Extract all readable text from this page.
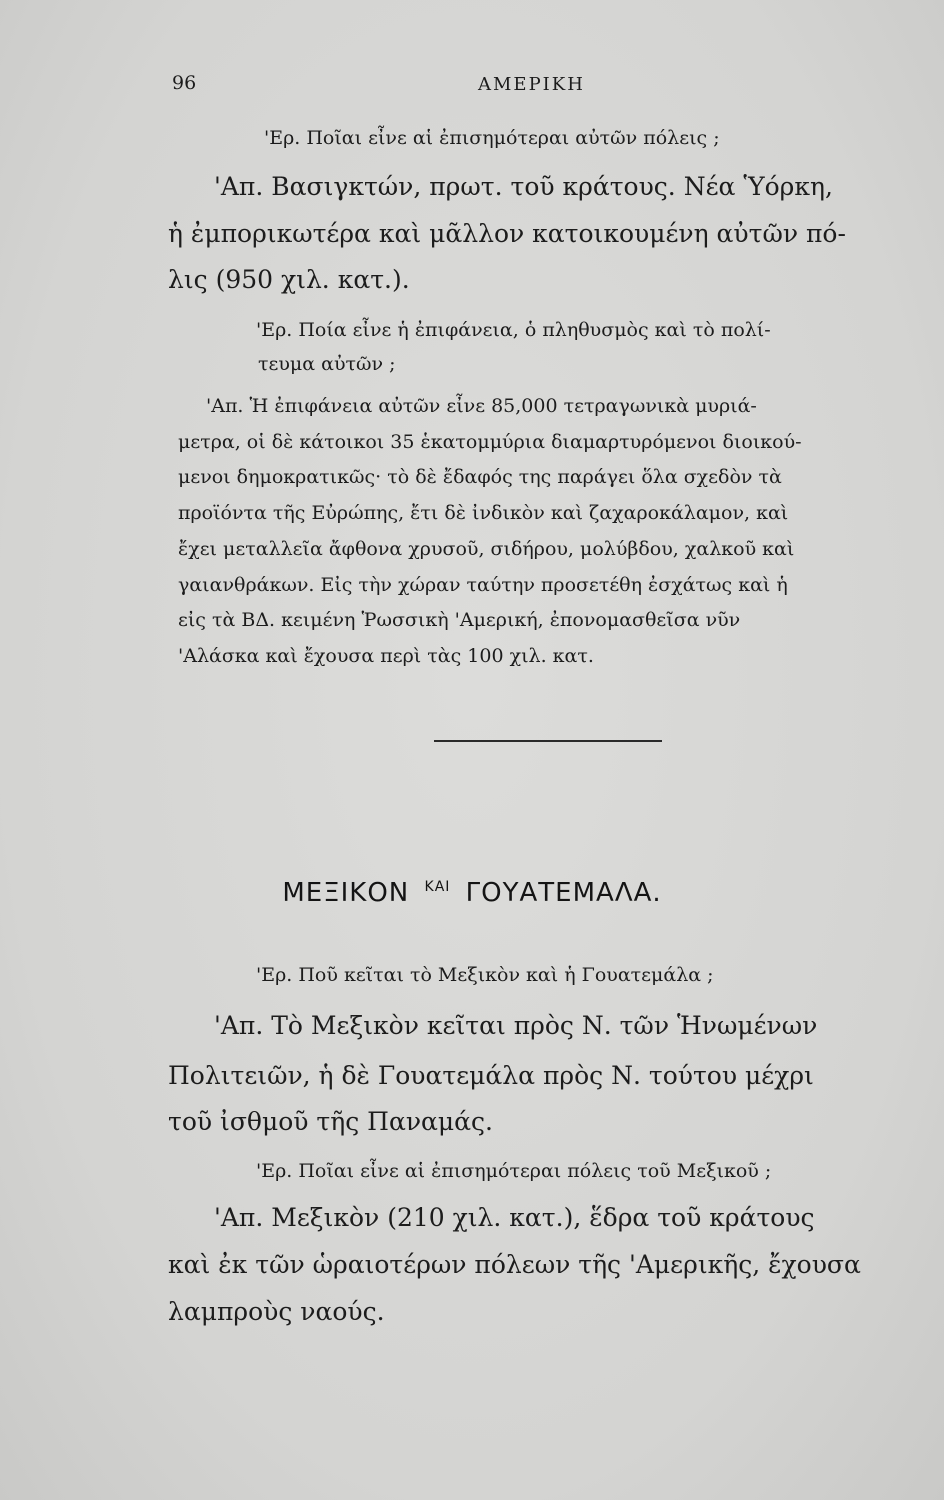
96	ΑΜΕΡΙΚΗ
'Ερ. Ποῖαι εἶνε αἱ ἐπισημότεραι αὐτῶν πόλεις ;
'Απ. Βασιγκτών, πρωτ. τοῦ κράτους. Νέα Ὑόρκη,
ἡ ἐμπορικωτέρα καὶ μᾶλλον κατοικουμένη αὐτῶν πό-
λις (950 χιλ. κατ.).
'Ερ. Ποία εἶνε ἡ ἐπιφάνεια, ὁ πληθυσμὸς καὶ τὸ πολί-
τευμα αὐτῶν ;
'Απ. Ἡ ἐπιφάνεια αὐτῶν εἶνε 85,000 τετραγωνικὰ μυριά-
μετρα, οἱ δὲ κάτοικοι 35 ἑκατομμύρια διαμαρτυρόμενοι διοικού-
μενοι δημοκρατικῶς· τὸ δὲ ἔδαφός της παράγει ὅλα σχεδὸν τὰ
προϊόντα τῆς Εὐρώπης, ἔτι δὲ ἰνδικὸν καὶ ζαχαροκάλαμον, καὶ
ἔχει μεταλλεῖα ἄφθονα χρυσοῦ, σιδήρου, μολύβδου, χαλκοῦ καὶ
γαιανθράκων. Εἰς τὴν χώραν ταύτην προσετέθη ἐσχάτως καὶ ἡ
εἰς τὰ ΒΔ. κειμένη Ῥωσσικὴ 'Αμερική, ἐπονομασθεῖσα νῦν
'Αλάσκα καὶ ἔχουσα περὶ τὰς 100 χιλ. κατ.
ΜΕΞΙΚΟΝ $^{KAI}$ ΓΟΥΑΤΕΜΑΛΑ.
'Ερ. Ποῦ κεῖται τὸ Μεξικὸν καὶ ἡ Γουατεμάλα ;
'Απ. Τὸ Μεξικὸν κεῖται πρὸς Ν. τῶν Ἡνωμένων
Πολιτειῶν, ἡ δὲ Γουατεμάλα πρὸς Ν. τούτου μέχρι
τοῦ ἰσθμοῦ τῆς Παναμάς.
'Ερ. Ποῖαι εἶνε αἱ ἐπισημότεραι πόλεις τοῦ Μεξικοῦ ;
'Απ. Μεξικὸν (210 χιλ. κατ.), ἕδρα τοῦ κράτους
καὶ ἐκ τῶν ὡραιοτέρων πόλεων τῆς 'Αμερικῆς, ἔχουσα
λαμπροὺς ναούς.
